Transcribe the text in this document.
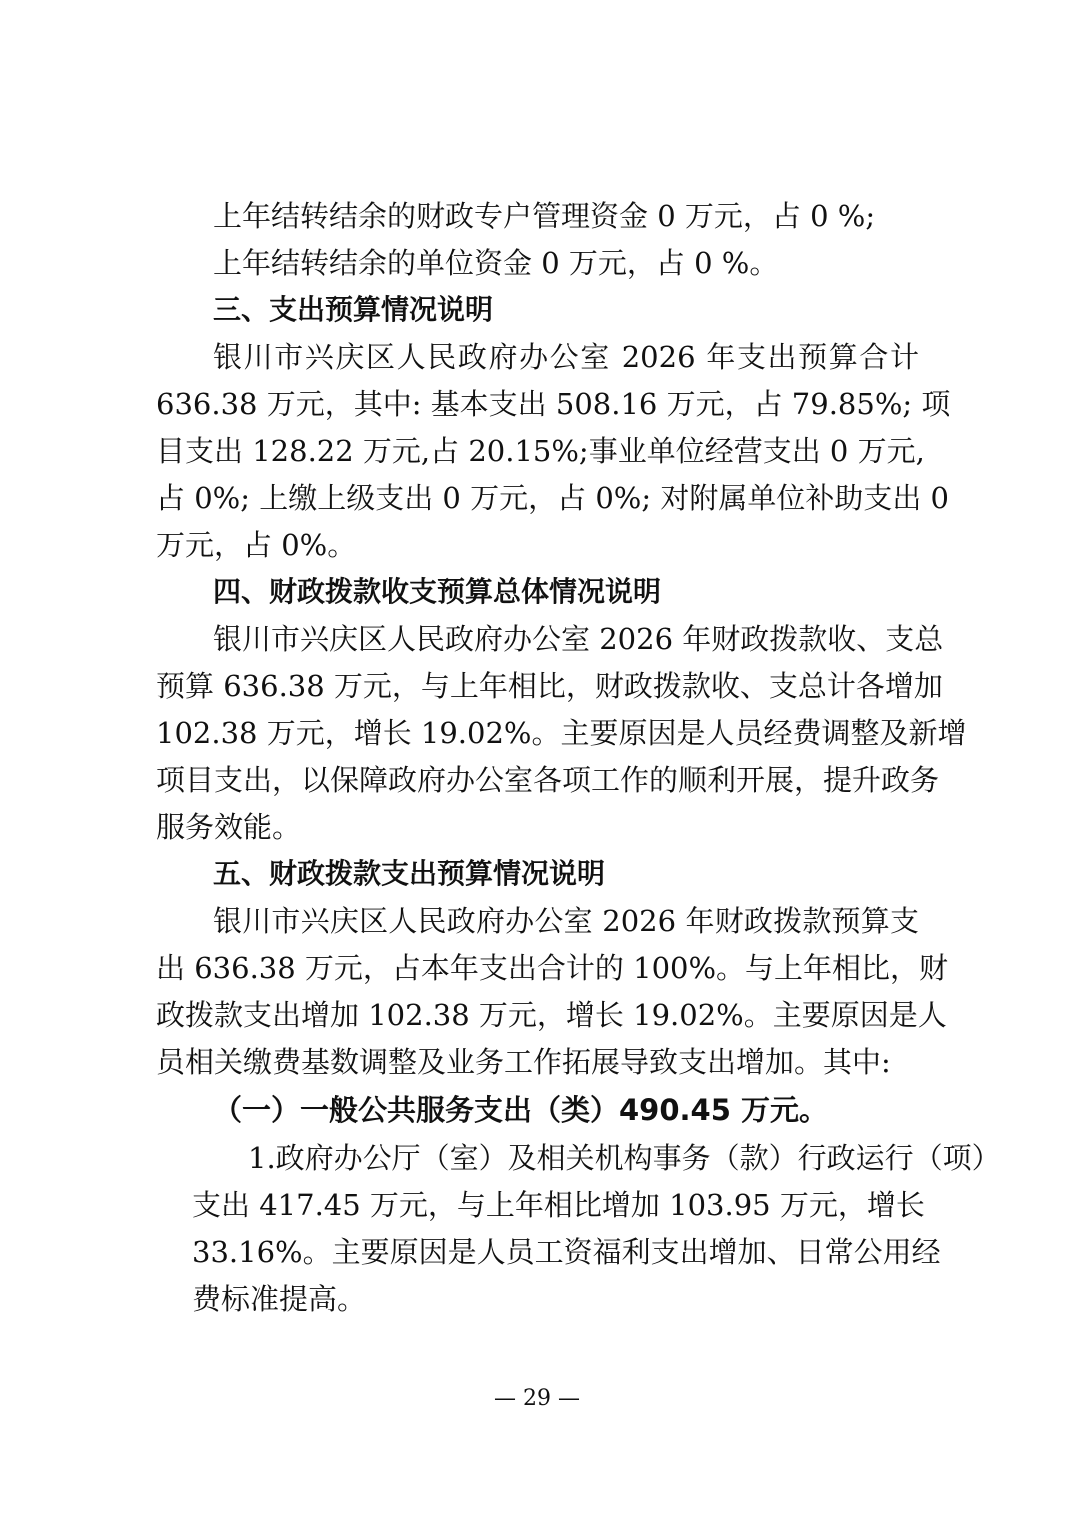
上年结转结余的财政专户管理资金 0 万元，占 0 %;
上年结转结余的单位资金 0 万元，占 0 %。
三、支出预算情况说明
银川市兴庆区人民政府办公室 2026 年支出预算合计
636.38 万元，其中: 基本支出 508.16 万元，占 79.85%; 项
目支出 128.22 万元,占 20.15%;事业单位经营支出 0 万元,
占 0%; 上缴上级支出 0 万元，占 0%; 对附属单位补助支出 0
万元，占 0%。
四、财政拨款收支预算总体情况说明
银川市兴庆区人民政府办公室 2026 年财政拨款收、支总
预算 636.38 万元，与上年相比，财政拨款收、支总计各增加
102.38 万元，增长 19.02%。主要原因是人员经费调整及新增
项目支出，以保障政府办公室各项工作的顺利开展，提升政务
服务效能。
五、财政拨款支出预算情况说明
银川市兴庆区人民政府办公室 2026 年财政拨款预算支
出 636.38 万元，占本年支出合计的 100%。与上年相比，财
政拨款支出增加 102.38 万元，增长 19.02%。主要原因是人
员相关缴费基数调整及业务工作拓展导致支出增加。其中:
（一）一般公共服务支出（类）490.45 万元。
1.政府办公厅（室）及相关机构事务（款）行政运行（项）
支出 417.45 万元，与上年相比增加 103.95 万元，增长
33.16%。主要原因是人员工资福利支出增加、日常公用经
费标准提高。
— 29 —
